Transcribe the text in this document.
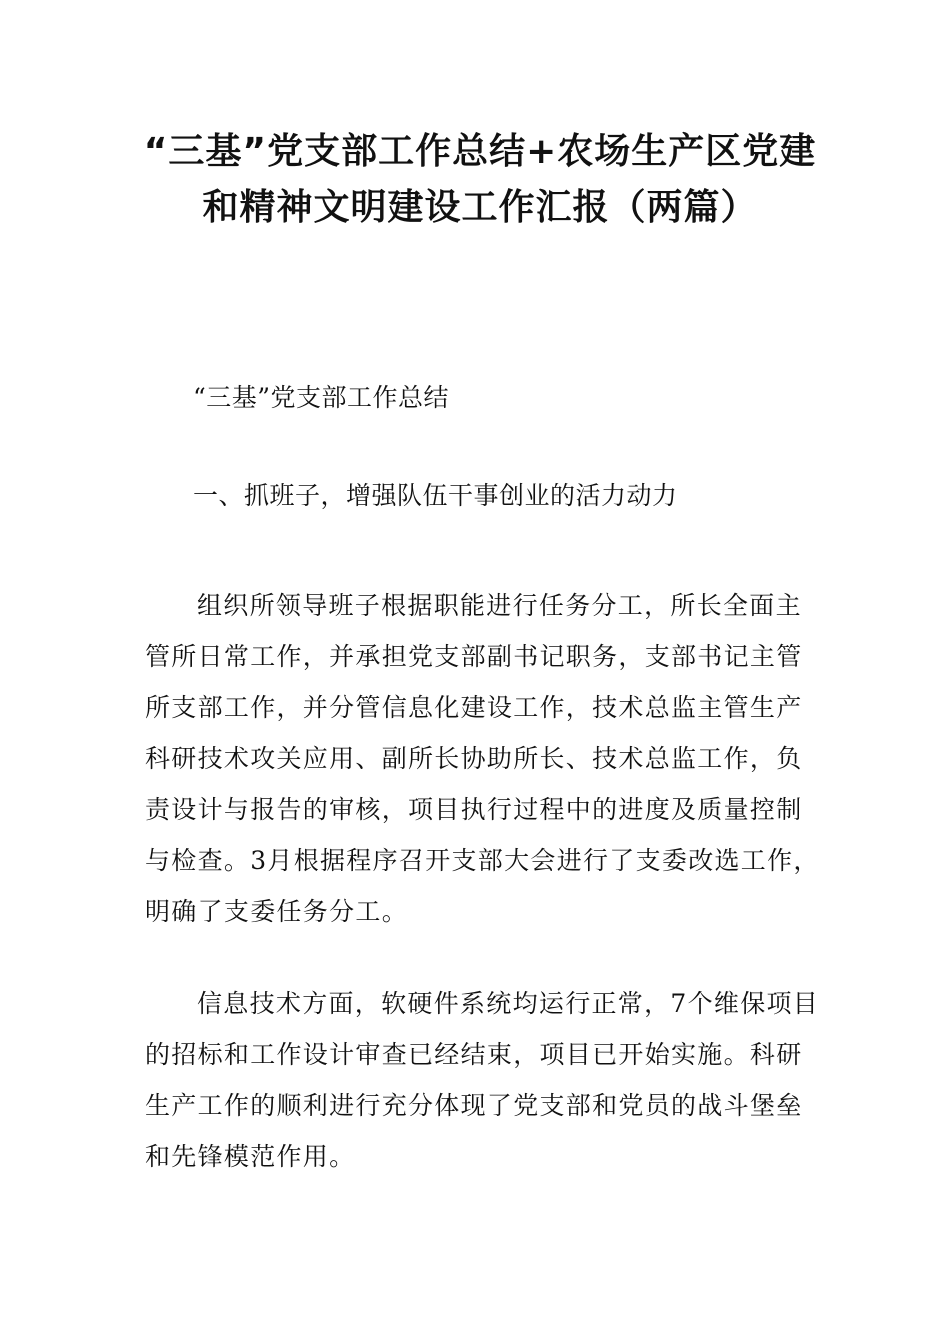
“三基”党支部工作总结+农场生产区党建
和精神文明建设工作汇报（两篇）

“三基”党支部工作总结

一、抓班子，增强队伍干事创业的活力动力

组织所领导班子根据职能进行任务分工，所长全面主
管所日常工作，并承担党支部副书记职务，支部书记主管
所支部工作，并分管信息化建设工作，技术总监主管生产
科研技术攻关应用、副所长协助所长、技术总监工作，负
责设计与报告的审核，项目执行过程中的进度及质量控制
与检查。3月根据程序召开支部大会进行了支委改选工作，
明确了支委任务分工。
信息技术方面，软硬件系统均运行正常，7个维保项目
的招标和工作设计审查已经结束，项目已开始实施。科研
生产工作的顺利进行充分体现了党支部和党员的战斗堡垒
和先锋模范作用。
